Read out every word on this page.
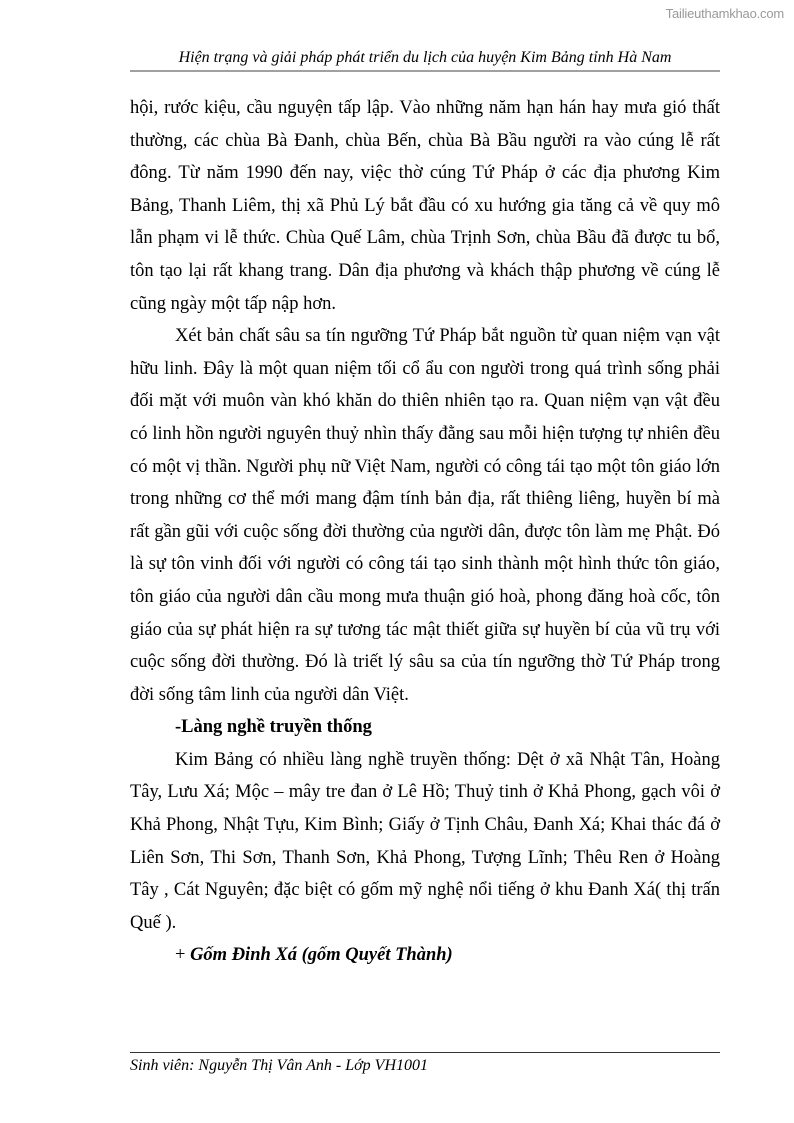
Tailieuthamkhao.com
Hiện trạng và giải pháp phát triển du lịch của huyện Kim Bảng tỉnh Hà Nam

hội, rước kiệu, cầu nguyện tấp lập. Vào những năm hạn hán hay mưa gió thất thường, các chùa Bà Đanh, chùa Bến, chùa Bà Bầu người ra vào cúng lễ rất đông. Từ năm 1990 đến nay, việc thờ cúng Tứ Pháp ở các địa phương Kim Bảng, Thanh Liêm, thị xã Phủ Lý bắt đầu có xu hướng gia tăng cả về quy mô lẫn phạm vi lễ thức. Chùa Quế Lâm, chùa Trịnh Sơn, chùa Bầu đã được tu bổ, tôn tạo lại rất khang trang. Dân địa phương và khách thập phương về cúng lễ cũng ngày một tấp nập hơn.

Xét bản chất sâu sa tín ngưỡng Tứ Pháp bắt nguồn từ quan niệm vạn vật hữu linh. Đây là một quan niệm tối cổ ẩu con người trong quá trình sống phải đối mặt với muôn vàn khó khăn do thiên nhiên tạo ra. Quan niệm vạn vật đều có linh hồn người nguyên thuỷ nhìn thấy đằng sau mỗi hiện tượng tự nhiên đều có một vị thần. Người phụ nữ Việt Nam, người có công tái tạo một tôn giáo lớn trong những cơ thể mới mang đậm tính bản địa, rất thiêng liêng, huyền bí mà rất gần gũi với cuộc sống đời thường của người dân, được tôn làm mẹ Phật. Đó là sự tôn vinh đối với người có công tái tạo sinh thành một hình thức tôn giáo, tôn giáo của người dân cầu mong mưa thuận gió hoà, phong đăng hoà cốc, tôn giáo của sự phát hiện ra sự tương tác mật thiết giữa sự huyền bí của vũ trụ với cuộc sống đời thường. Đó là triết lý sâu sa của tín ngưỡng thờ Tứ Pháp trong đời sống tâm linh của người dân Việt.

-Làng nghề truyền thống

Kim Bảng có nhiều làng nghề truyền thống: Dệt ở xã Nhật Tân, Hoàng Tây, Lưu Xá; Mộc – mây tre đan ở Lê Hồ; Thuỷ tinh ở Khả Phong, gạch vôi ở Khả Phong, Nhật Tựu, Kim Bình; Giấy ở Tịnh Châu, Đanh Xá; Khai thác đá ở Liên Sơn, Thi Sơn, Thanh Sơn, Khả Phong, Tượng Lĩnh; Thêu Ren ở Hoàng Tây , Cát Nguyên; đặc biệt có gốm mỹ nghệ nổi tiếng ở khu Đanh Xá( thị trấn Quế ).

+ Gốm Đinh Xá (gốm Quyết Thành)

Sinh viên: Nguyễn Thị Vân Anh - Lớp VH1001
